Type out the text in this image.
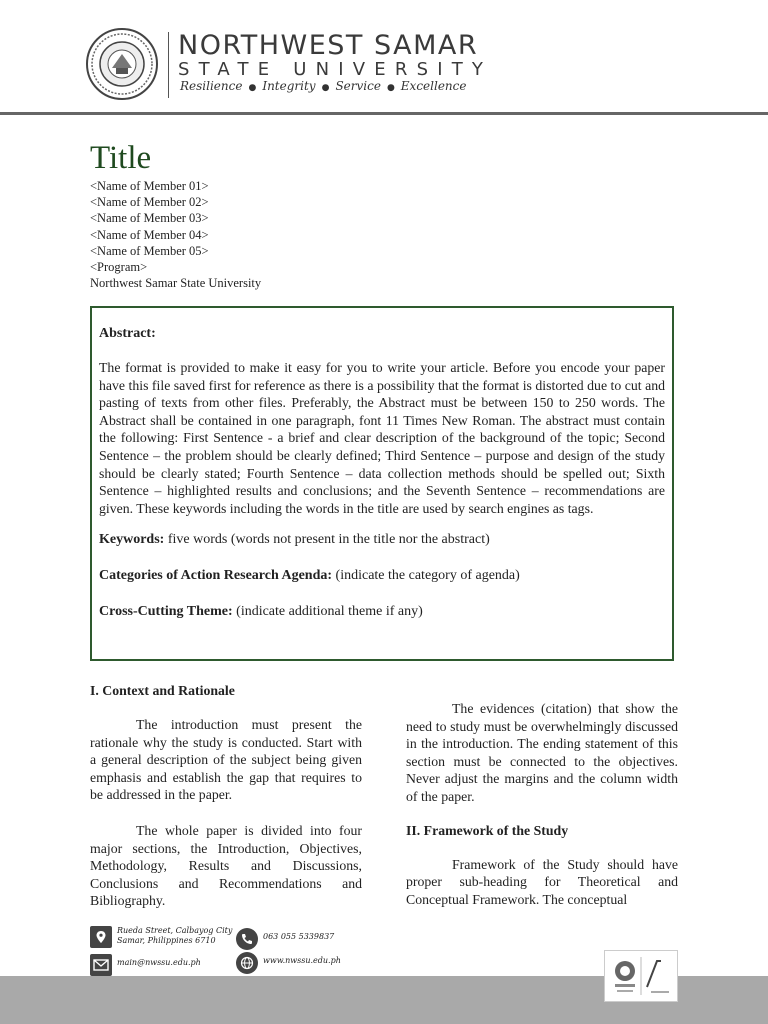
NORTHWEST SAMAR
STATE UNIVERSITY
Resilience ● Integrity ● Service ● Excellence
Title
<Name of Member 01>
<Name of Member 02>
<Name of Member 03>
<Name of Member 04>
<Name of Member 05>
<Program>
Northwest Samar State University

Abstract:

The format is provided to make it easy for you to write your article. Before you encode your paper have this file saved first for reference as there is a possibility that the format is distorted due to cut and pasting of texts from other files. Preferably, the Abstract must be between 150 to 250 words. The Abstract shall be contained in one paragraph, font 11 Times New Roman. The abstract must contain the following: First Sentence - a brief and clear description of the background of the topic; Second Sentence – the problem should be clearly defined; Third Sentence – purpose and design of the study should be clearly stated; Fourth Sentence – data collection methods should be spelled out; Sixth Sentence – highlighted results and conclusions; and the Seventh Sentence – recommendations are given. These keywords including the words in the title are used by search engines as tags.

Keywords: five words (words not present in the title nor the abstract)

Categories of Action Research Agenda: (indicate the category of agenda)

Cross-Cutting Theme: (indicate additional theme if any)

I. Context and Rationale

The introduction must present the rationale why the study is conducted. Start with a general description of the subject being given emphasis and establish the gap that requires to be addressed in the paper.

The whole paper is divided into four major sections, the Introduction, Objectives, Methodology, Results and Discussions, Conclusions and Recommendations and Bibliography.

The evidences (citation) that show the need to study must be overwhelmingly discussed in the introduction. The ending statement of this section must be connected to the objectives. Never adjust the margins and the column width of the paper.

II. Framework of the Study

Framework of the Study should have proper sub-heading for Theoretical and Conceptual Framework. The conceptual

Rueda Street, Calbayog City
Samar, Philippines 6710	063 055 5339837
main@nwssu.edu.ph	www.nwssu.edu.ph
